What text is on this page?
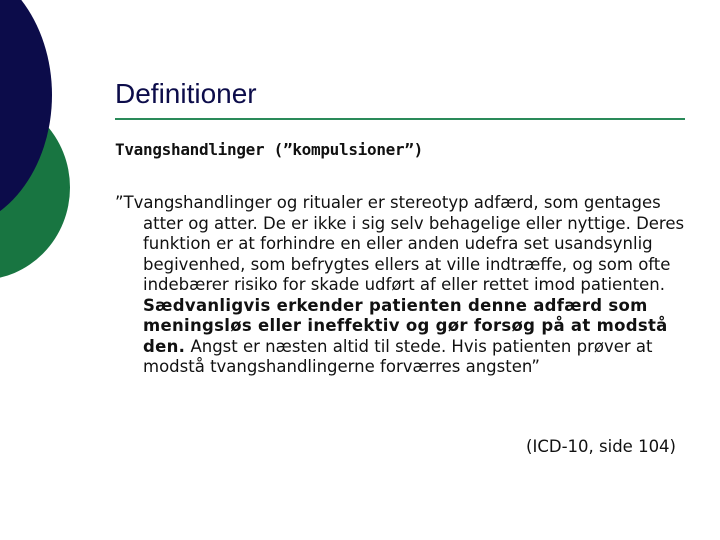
Definitioner
Tvangshandlinger (”kompulsioner”)
”Tvangshandlinger og ritualer er stereotyp adfærd, som gentages atter og atter. De er ikke i sig selv behagelige eller nyttige. Deres funktion er at forhindre en eller anden udefra set usandsynlig begivenhed, som befrygtes ellers at ville indtræffe, og som ofte indebærer risiko for skade udført af eller rettet imod patienten. Sædvanligvis erkender patienten denne adfærd som meningsløs eller ineffektiv og gør forsøg på at modstå den. Angst er næsten altid til stede. Hvis patienten prøver at modstå tvangshandlingerne forværres angsten”
(ICD-10, side 104)
